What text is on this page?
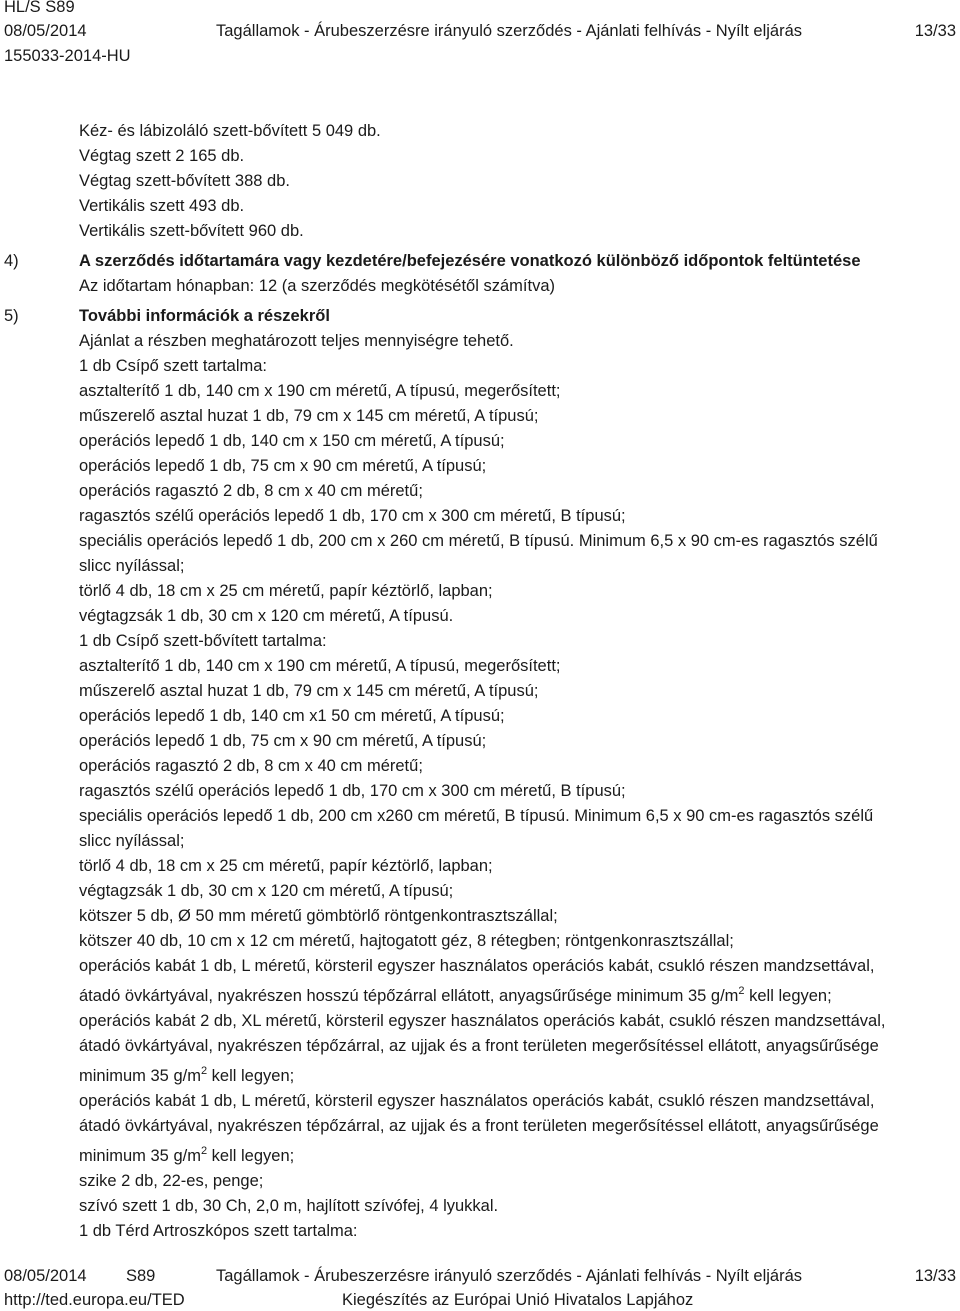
HL/S S89
08/05/2014	Tagállamok - Árubeszerzésre irányuló szerződés - Ajánlati felhívás - Nyílt eljárás	13/33
155033-2014-HU
Kéz- és lábizoláló szett-bővített 5 049 db.
Végtag szett 2 165 db.
Végtag szett-bővített 388 db.
Vertikális szett 493 db.
Vertikális szett-bővített 960 db.
4)	A szerződés időtartamára vagy kezdetére/befejezésére vonatkozó különböző időpontok feltüntetése
Az időtartam hónapban: 12 (a szerződés megkötésétől számítva)
5)	További információk a részekről
Ajánlat a részben meghatározott teljes mennyiségre tehető.
1 db Csípő szett tartalma:
asztalterítő 1 db, 140 cm x 190 cm méretű, A típusú, megerősített;
műszerelő asztal huzat 1 db, 79 cm x 145 cm méretű, A típusú;
operációs lepedő 1 db, 140 cm x 150 cm méretű, A típusú;
operációs lepedő 1 db, 75 cm x 90 cm méretű, A típusú;
operációs ragasztó 2 db, 8 cm x 40 cm méretű;
ragasztós szélű operációs lepedő 1 db, 170 cm x 300 cm méretű, B típusú;
speciális operációs lepedő 1 db, 200 cm x 260 cm méretű, B típusú. Minimum 6,5 x 90 cm-es ragasztós szélű
slicc nyílással;
törlő 4 db, 18 cm x 25 cm méretű, papír kéztörlő, lapban;
végtagzsák 1 db, 30 cm x 120 cm méretű, A típusú.
1 db Csípő szett-bővített tartalma:
asztalterítő 1 db, 140 cm x 190 cm méretű, A típusú, megerősített;
műszerelő asztal huzat 1 db, 79 cm x 145 cm méretű, A típusú;
operációs lepedő 1 db, 140 cm x1 50 cm méretű, A típusú;
operációs lepedő 1 db, 75 cm x 90 cm méretű, A típusú;
operációs ragasztó 2 db, 8 cm x 40 cm méretű;
ragasztós szélű operációs lepedő 1 db, 170 cm x 300 cm méretű, B típusú;
speciális operációs lepedő 1 db, 200 cm x260 cm méretű, B típusú. Minimum 6,5 x 90 cm-es ragasztós szélű
slicc nyílással;
törlő 4 db, 18 cm x 25 cm méretű, papír kéztörlő, lapban;
végtagzsák 1 db, 30 cm x 120 cm méretű, A típusú;
kötszer 5 db, Ø 50 mm méretű gömbtörlő röntgenkontrasztszállal;
kötszer 40 db, 10 cm x 12 cm méretű, hajtogatott géz, 8 rétegben; röntgenkonrasztszállal;
operációs kabát 1 db, L méretű, körsteril egyszer használatos operációs kabát, csukló részen mandzsettával,
átadó övkártyával, nyakrészen hosszú tépőzárral ellátott, anyagsűrűsége minimum 35 $g/m^2$ kell legyen;
operációs kabát 2 db, XL méretű, körsteril egyszer használatos operációs kabát, csukló részen mandzsettával,
átadó övkártyával, nyakrészen tépőzárral, az ujjak és a front területen megerősítéssel ellátott, anyagsűrűsége
minimum 35 $g/m^2$ kell legyen;
operációs kabát 1 db, L méretű, körsteril egyszer használatos operációs kabát, csukló részen mandzsettával,
átadó övkártyával, nyakrészen tépőzárral, az ujjak és a front területen megerősítéssel ellátott, anyagsűrűsége
minimum 35 $g/m^2$ kell legyen;
szike 2 db, 22-es, penge;
szívó szett 1 db, 30 Ch, 2,0 m, hajlított szívófej, 4 lyukkal.
1 db Térd Artroszkópos szett tartalma:
08/05/2014 S89	Tagállamok - Árubeszerzésre irányuló szerződés - Ajánlati felhívás - Nyílt eljárás	13/33
http://ted.europa.eu/TED	Kiegészítés az Európai Unió Hivatalos Lapjához
